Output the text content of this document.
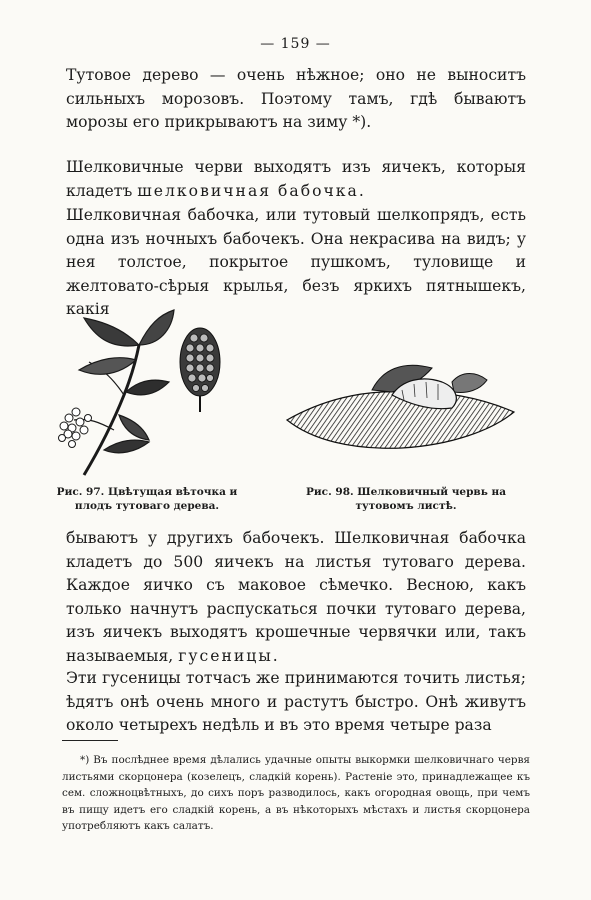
— 159 —

Тутовое дерево — очень нѣжное; оно не выноситъ сильныхъ морозовъ. Поэтому тамъ, гдѣ бываютъ морозы его прикрываютъ на зиму *).

Шелковичные черви выходятъ изъ яичекъ, которыя кладетъ шелковичная бабочка.

Шелковичная бабочка, или тутовый шелкопрядъ, есть одна изъ ночныхъ бабочекъ. Она некрасива на видъ; у нея толстое, покрытое пушкомъ, туловище и желтовато-сѣрыя крылья, безъ яркихъ пятнышекъ, какія

Рис. 97. Цвѣтущая вѣточка и плодъ тутоваго дерева.
Рис. 98. Шелковичный червь на тутовомъ листѣ.

бываютъ у другихъ бабочекъ. Шелковичная бабочка кладетъ до 500 яичекъ на листья тутоваго дерева. Каждое яичко съ маковое сѣмечко. Весною, какъ только начнутъ распускаться почки тутоваго дерева, изъ яичекъ выходятъ крошечные червячки или, такъ называемыя, гусеницы.

Эти гусеницы тотчасъ же принимаются точить листья; ѣдятъ онѣ очень много и растутъ быстро. Онѣ живутъ около четырехъ недѣль и въ это время четыре раза

*) Въ послѣднее время дѣлались удачные опыты выкормки шелковичнаго червя листьями скорцонера (козелецъ, сладкій корень). Растеніе это, принадлежащее къ сем. сложноцвѣтныхъ, до сихъ поръ разводилось, какъ огородная овощь, при чемъ въ пищу идетъ его сладкій корень, а въ нѣкоторыхъ мѣстахъ и листья скорцонера употребляютъ какъ салатъ.
